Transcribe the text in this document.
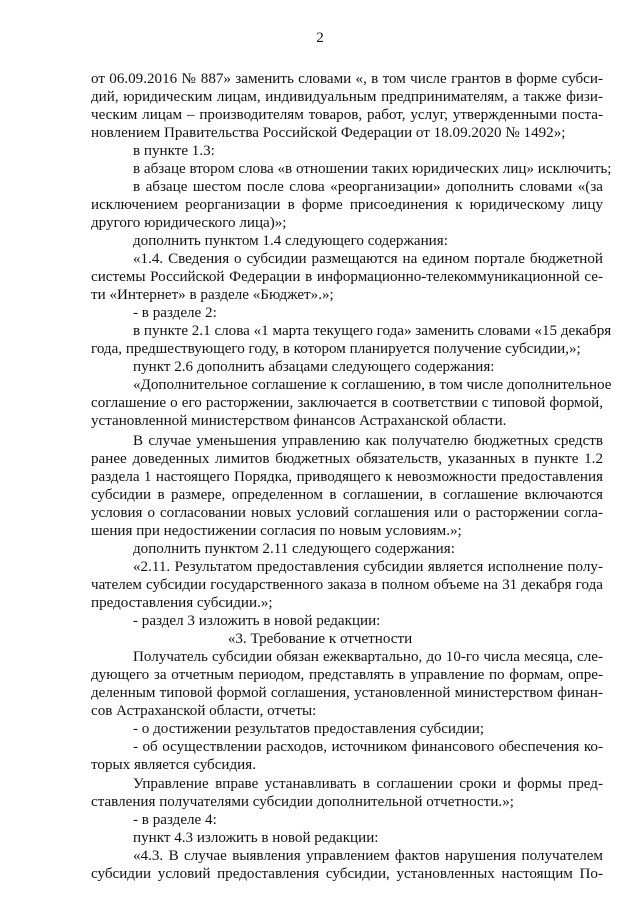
2
от 06.09.2016 № 887» заменить словами «, в том числе грантов в форме субси-
дий, юридическим лицам, индивидуальным предпринимателям, а также физи-
ческим лицам – производителям товаров, работ, услуг, утвержденными поста-
новлением Правительства Российской Федерации от 18.09.2020 № 1492»;
в пункте 1.3:
в абзаце втором слова «в отношении таких юридических лиц» исключить;
в абзаце шестом после слова «реорганизации» дополнить словами «(за
исключением реорганизации в форме присоединения к юридическому лицу
другого юридического лица)»;
дополнить пунктом 1.4 следующего содержания:
«1.4. Сведения о субсидии размещаются на едином портале бюджетной
системы Российской Федерации в информационно-телекоммуникационной се-
ти «Интернет» в разделе «Бюджет».»;
- в разделе 2:
в пункте 2.1 слова «1 марта текущего года» заменить словами «15 декабря
года, предшествующего году, в котором планируется получение субсидии,»;
пункт 2.6 дополнить абзацами следующего содержания:
«Дополнительное соглашение к соглашению, в том числе дополнительное
соглашение о его расторжении, заключается в соответствии с типовой формой,
установленной министерством финансов Астраханской области.
В случае уменьшения управлению как получателю бюджетных средств
ранее доведенных лимитов бюджетных обязательств, указанных в пункте 1.2
раздела 1 настоящего Порядка, приводящего к невозможности предоставления
субсидии в размере, определенном в соглашении, в соглашение включаются
условия о согласовании новых условий соглашения или о расторжении согла-
шения при недостижении согласия по новым условиям.»;
дополнить пунктом 2.11 следующего содержания:
«2.11. Результатом предоставления субсидии является исполнение полу-
чателем субсидии государственного заказа в полном объеме на 31 декабря года
предоставления субсидии.»;
- раздел 3 изложить в новой редакции:
«3. Требование к отчетности
Получатель субсидии обязан ежеквартально, до 10-го числа месяца, сле-
дующего за отчетным периодом, представлять в управление по формам, опре-
деленным типовой формой соглашения, установленной министерством финан-
сов Астраханской области, отчеты:
- о достижении результатов предоставления субсидии;
- об осуществлении расходов, источником финансового обеспечения ко-
торых является субсидия.
Управление вправе устанавливать в соглашении сроки и формы пред-
ставления получателями субсидии дополнительной отчетности.»;
- в разделе 4:
пункт 4.3 изложить в новой редакции:
«4.3. В случае выявления управлением фактов нарушения получателем
субсидии условий предоставления субсидии, установленных настоящим По-
